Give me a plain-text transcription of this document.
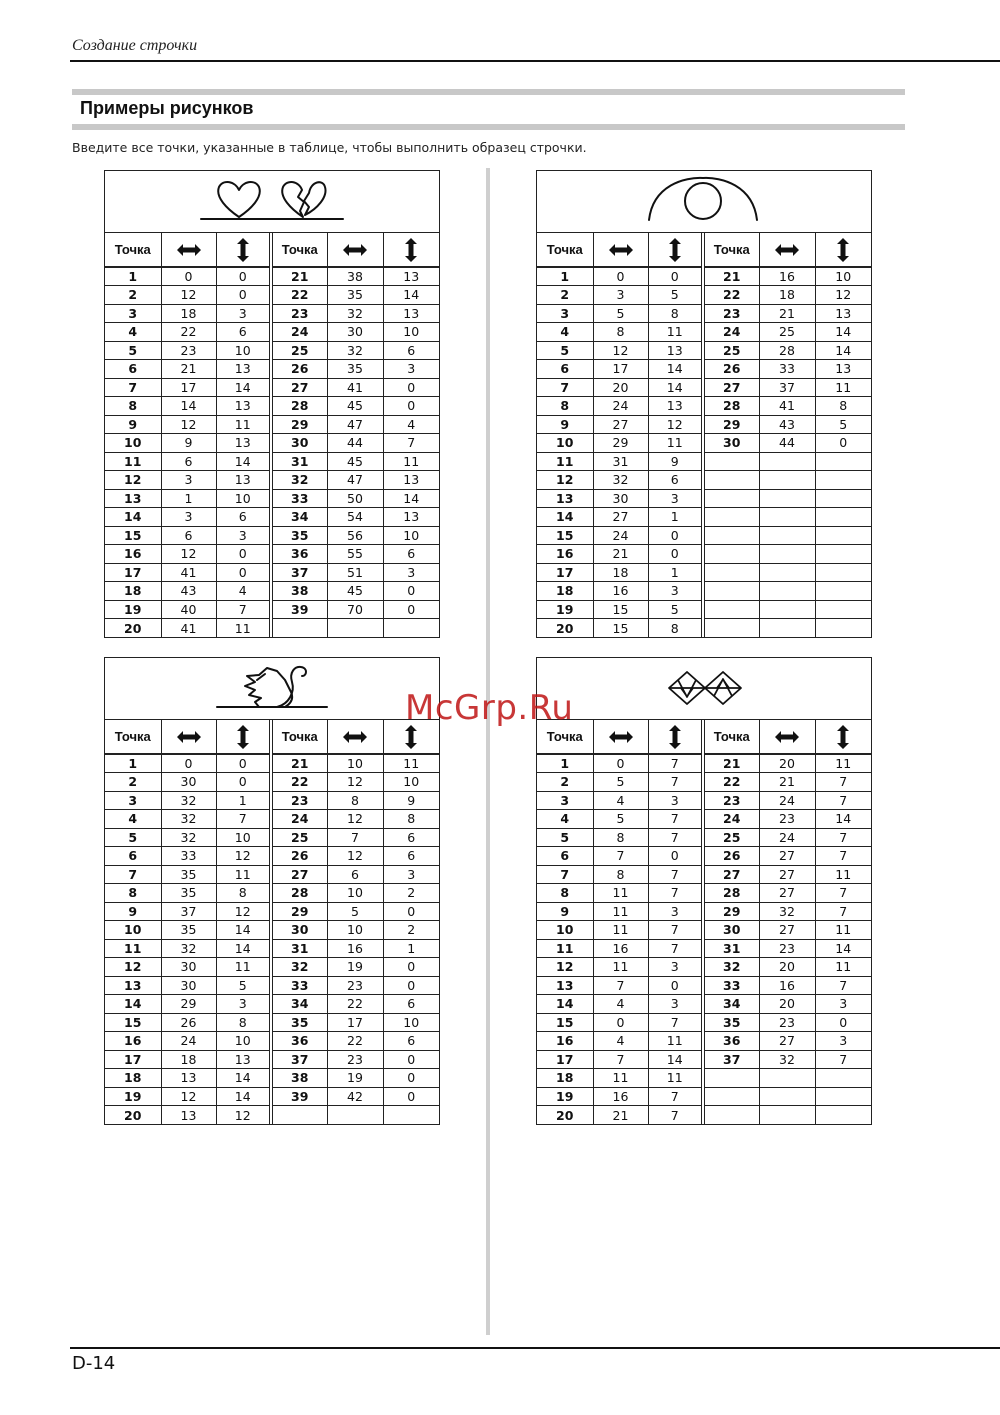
Создание строчки
Примеры рисунков
Введите все точки, указанные в таблице, чтобы выполнить образец строчки.
Точка			Точка		
1	0	0	21	38	13
2	12	0	22	35	14
3	18	3	23	32	13
4	22	6	24	30	10
5	23	10	25	32	6
6	21	13	26	35	3
7	17	14	27	41	0
8	14	13	28	45	0
9	12	11	29	47	4
10	9	13	30	44	7
11	6	14	31	45	11
12	3	13	32	47	13
13	1	10	33	50	14
14	3	6	34	54	13
15	6	3	35	56	10
16	12	0	36	55	6
17	41	0	37	51	3
18	43	4	38	45	0
19	40	7	39	70	0
20	41	11			
Точка			Точка		
1	0	0	21	16	10
2	3	5	22	18	12
3	5	8	23	21	13
4	8	11	24	25	14
5	12	13	25	28	14
6	17	14	26	33	13
7	20	14	27	37	11
8	24	13	28	41	8
9	27	12	29	43	5
10	29	11	30	44	0
11	31	9			
12	32	6			
13	30	3			
14	27	1			
15	24	0			
16	21	0			
17	18	1			
18	16	3			
19	15	5			
20	15	8			
Точка			Точка		
1	0	0	21	10	11
2	30	0	22	12	10
3	32	1	23	8	9
4	32	7	24	12	8
5	32	10	25	7	6
6	33	12	26	12	6
7	35	11	27	6	3
8	35	8	28	10	2
9	37	12	29	5	0
10	35	14	30	10	2
11	32	14	31	16	1
12	30	11	32	19	0
13	30	5	33	23	0
14	29	3	34	22	6
15	26	8	35	17	10
16	24	10	36	22	6
17	18	13	37	23	0
18	13	14	38	19	0
19	12	14	39	42	0
20	13	12			
Точка			Точка		
1	0	7	21	20	11
2	5	7	22	21	7
3	4	3	23	24	7
4	5	7	24	23	14
5	8	7	25	24	7
6	7	0	26	27	7
7	8	7	27	27	11
8	11	7	28	27	7
9	11	3	29	32	7
10	11	7	30	27	11
11	16	7	31	23	14
12	11	3	32	20	11
13	7	0	33	16	7
14	4	3	34	20	3
15	0	7	35	23	0
16	4	11	36	27	3
17	7	14	37	32	7
18	11	11			
19	16	7			
20	21	7			
McGrp.Ru
D-14
